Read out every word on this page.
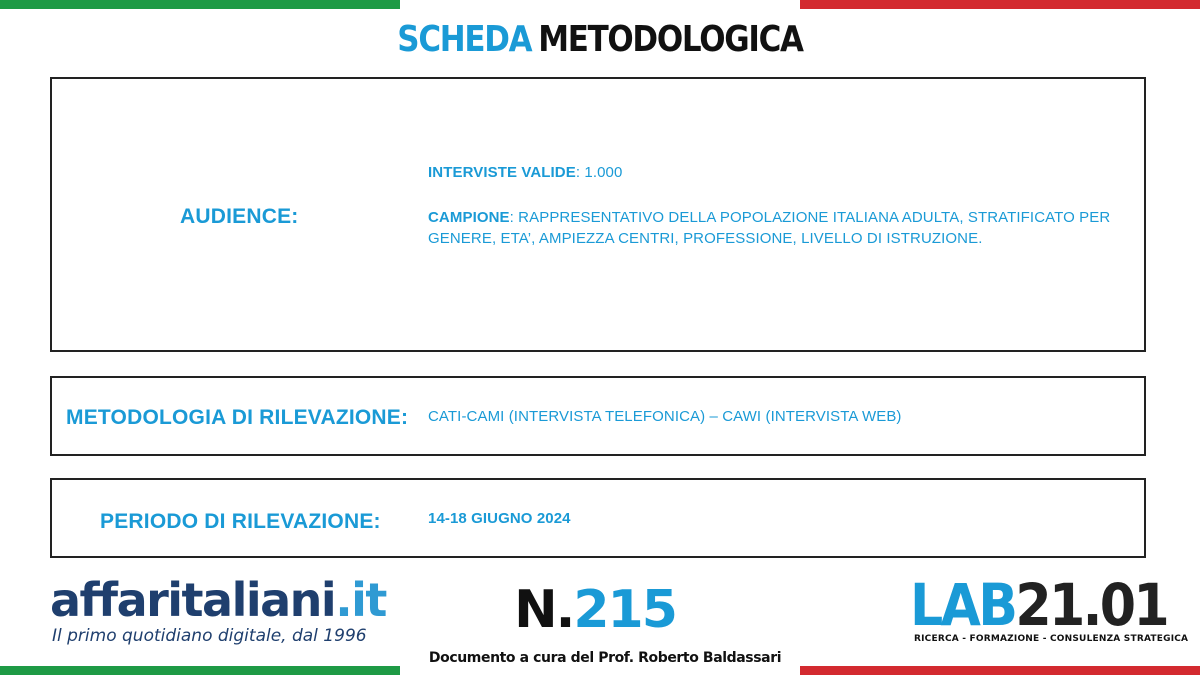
SCHEDA METODOLOGICA
AUDIENCE:
INTERVISTE VALIDE: 1.000
CAMPIONE: RAPPRESENTATIVO DELLA POPOLAZIONE ITALIANA ADULTA, STRATIFICATO PER GENERE, ETA’, AMPIEZZA CENTRI, PROFESSIONE, LIVELLO DI ISTRUZIONE.
METODOLOGIA DI RILEVAZIONE: CATI-CAMI (INTERVISTA TELEFONICA) – CAWI (INTERVISTA WEB)
PERIODO DI RILEVAZIONE:	14-18 GIUGNO 2024
affaritaliani.it
Il primo quotidiano digitale, dal 1996	N.215
Documento a cura del Prof. Roberto Baldassari
LAB21.01
RICERCA - FORMAZIONE - CONSULENZA STRATEGICA
